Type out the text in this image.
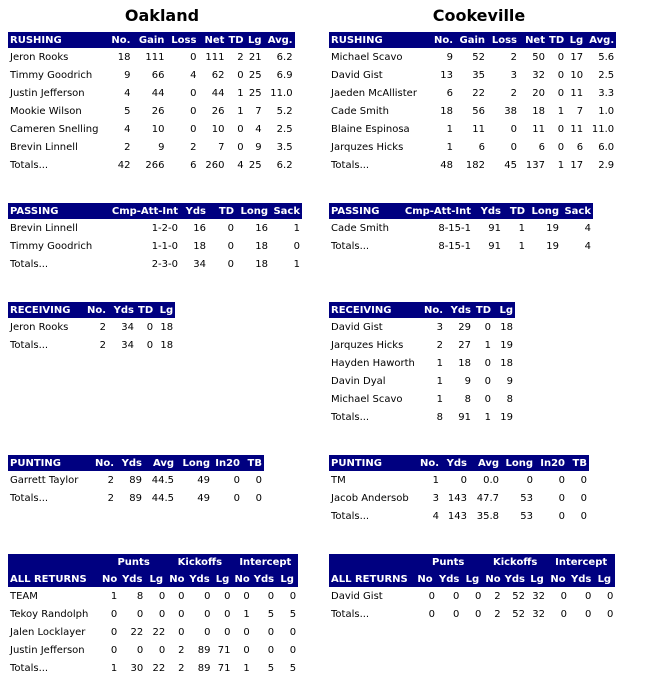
Oakland	Cookeville
RUSHING	No.	Gain	Loss	Net	TD	Lg	Avg.
Jeron Rooks	18	111	0	111	2	21	6.2
Timmy Goodrich	9	66	4	62	0	25	6.9
Justin Jefferson	4	44	0	44	1	25	11.0
Mookie Wilson	5	26	0	26	1	7	5.2
Cameren Snelling	4	10	0	10	0	4	2.5
Brevin Linnell	2	9	2	7	0	9	3.5
Totals...	42	266	6	260	4	25	6.2
RUSHING	No.	Gain	Loss	Net	TD	Lg	Avg.
Michael Scavo	9	52	2	50	0	17	5.6
David Gist	13	35	3	32	0	10	2.5
Jaeden McAllister	6	22	2	20	0	11	3.3
Cade Smith	18	56	38	18	1	7	1.0
Blaine Espinosa	1	11	0	11	0	11	11.0
Jarquzes Hicks	1	6	0	6	0	6	6.0
Totals...	48	182	45	137	1	17	2.9
PASSING	Cmp-Att-Int	Yds	TD	Long	Sack
Brevin Linnell	1-2-0	16	0	16	1
Timmy Goodrich	1-1-0	18	0	18	0
Totals...	2-3-0	34	0	18	1
PASSING	Cmp-Att-Int	Yds	TD	Long	Sack
Cade Smith	8-15-1	91	1	19	4
Totals...	8-15-1	91	1	19	4
RECEIVING	No.	Yds	TD	Lg
Jeron Rooks	2	34	0	18
Totals...	2	34	0	18
RECEIVING	No.	Yds	TD	Lg
David Gist	3	29	0	18
Jarquzes Hicks	2	27	1	19
Hayden Haworth	1	18	0	18
Davin Dyal	1	9	0	9
Michael Scavo	1	8	0	8
Totals...	8	91	1	19
PUNTING	No.	Yds	Avg	Long	In20	TB
Garrett Taylor	2	89	44.5	49	0	0
Totals...	2	89	44.5	49	0	0
PUNTING	No.	Yds	Avg	Long	In20	TB
TM	1	0	0.0	0	0	0
Jacob Andersob	3	143	47.7	53	0	0
Totals...	4	143	35.8	53	0	0
	Punts			Kickoffs			Intercept		
ALL RETURNS	No	Yds	Lg	No	Yds	Lg	No	Yds	Lg
TEAM	1	8	0	0	0	0	0	0	0
Tekoy Randolph	0	0	0	0	0	0	1	5	5
Jalen Locklayer	0	22	22	0	0	0	0	0	0
Justin Jefferson	0	0	0	2	89	71	0	0	0
Totals...	1	30	22	2	89	71	1	5	5
	Punts			Kickoffs			Intercept		
ALL RETURNS	No	Yds	Lg	No	Yds	Lg	No	Yds	Lg
David Gist	0	0	0	2	52	32	0	0	0
Totals...	0	0	0	2	52	32	0	0	0
